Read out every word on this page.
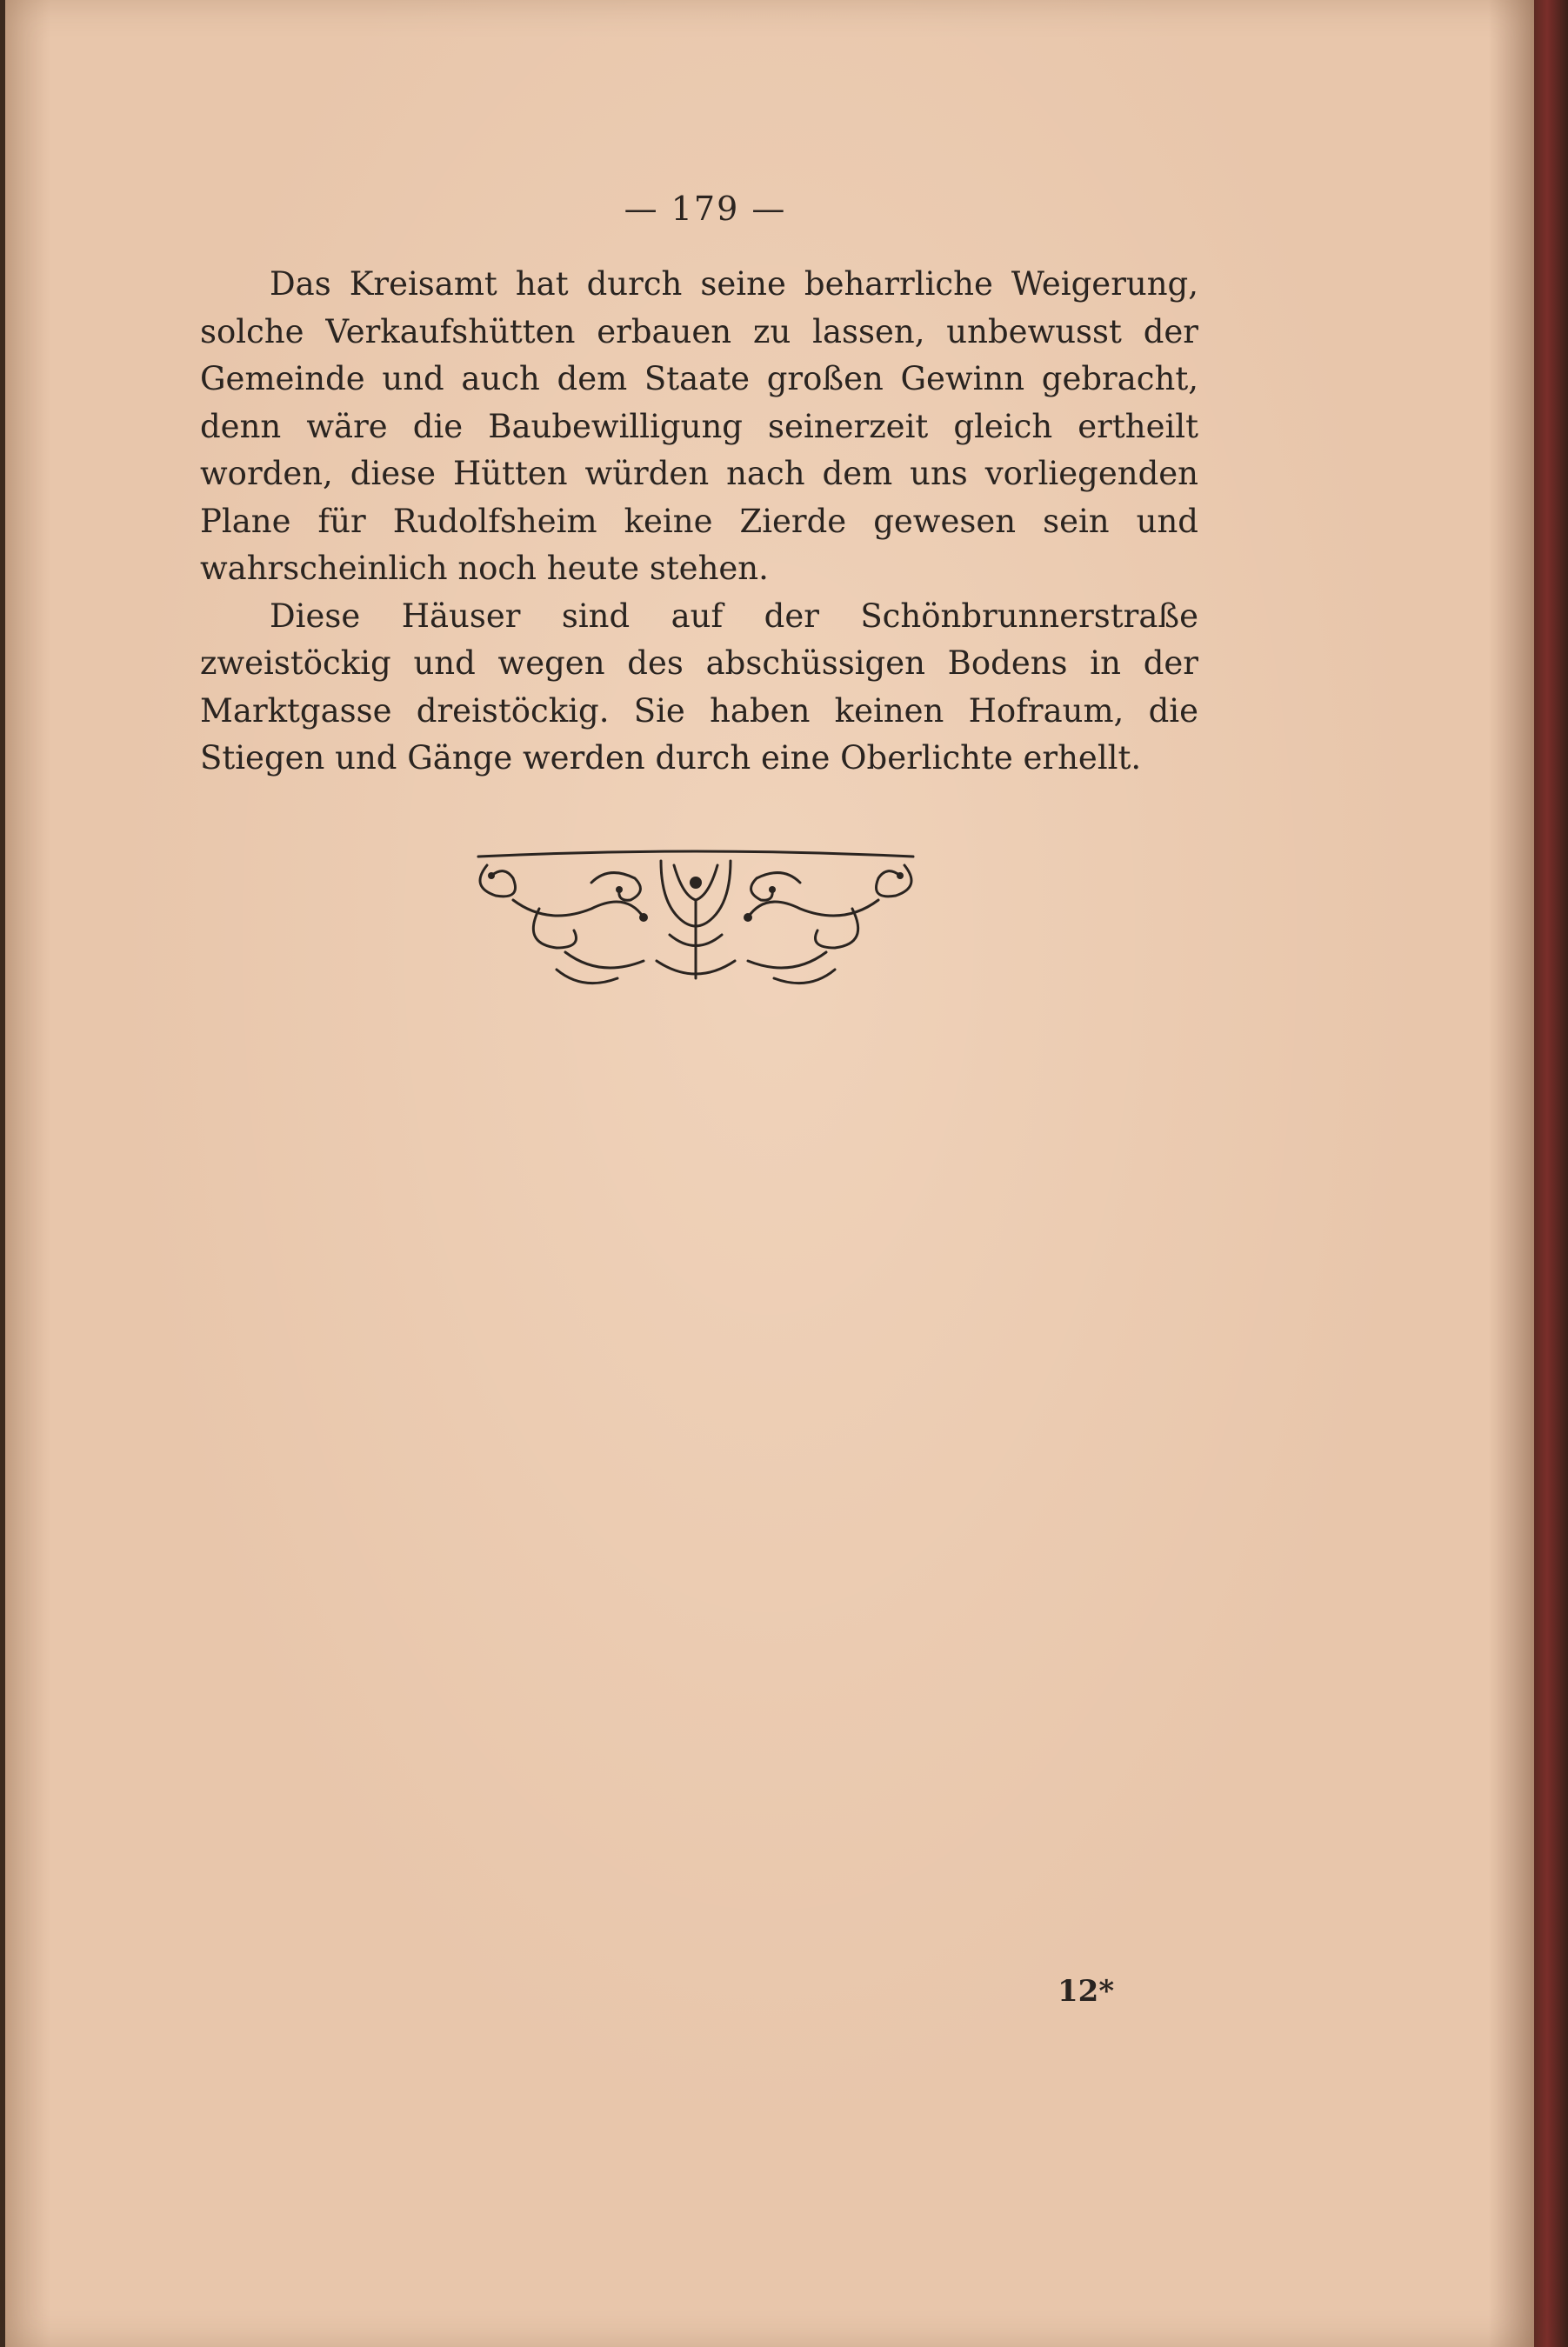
— 179 —

Das Kreisamt hat durch seine beharrliche Weigerung, solche Verkaufshütten erbauen zu lassen, unbewusst der Gemeinde und auch dem Staate großen Gewinn gebracht, denn wäre die Baubewilligung seinerzeit gleich ertheilt worden, diese Hütten würden nach dem uns vorliegenden Plane für Rudolfsheim keine Zierde gewesen sein und wahrscheinlich noch heute stehen.

Diese Häuser sind auf der Schönbrunnerstraße zweistöckig und wegen des abschüssigen Bodens in der Marktgasse dreistöckig. Sie haben keinen Hofraum, die Stiegen und Gänge werden durch eine Oberlichte erhellt.

12*
